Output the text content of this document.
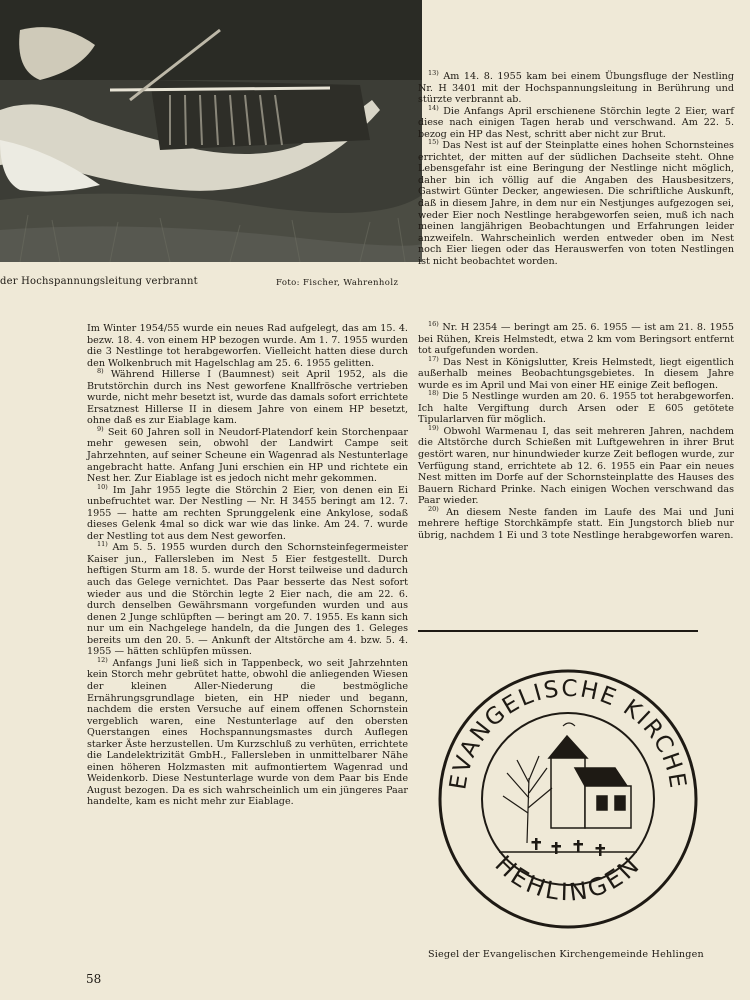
der Hochspannungsleitung verbrannt	Foto: Fischer, Wahrenholz

Im Winter 1954/55 wurde ein neues Rad aufgelegt, das am 15. 4. bezw. 18. 4. von einem HP bezogen wurde. Am 1. 7. 1955 wurden die 3 Nestlinge tot herabgeworfen. Vielleicht hatten diese durch den Wolkenbruch mit Hagelschlag am 25. 6. 1955 gelitten.

$^{8)}$ Während Hillerse I (Baumnest) seit April 1952, als die Brutstörchin durch ins Nest geworfene Knallfrösche vertrieben wurde, nicht mehr besetzt ist, wurde das damals sofort errichtete Ersatznest Hillerse II in diesem Jahre von einem HP besetzt, ohne daß es zur Eiablage kam.

$^{9)}$ Seit 60 Jahren soll in Neudorf-Platendorf kein Storchenpaar mehr gewesen sein, obwohl der Landwirt Campe seit Jahrzehnten, auf seiner Scheune ein Wagenrad als Nestunterlage angebracht hatte. Anfang Juni erschien ein HP und richtete ein Nest her. Zur Eiablage ist es jedoch nicht mehr gekommen.

$^{10)}$ Im Jahr 1955 legte die Störchin 2 Eier, von denen ein Ei unbefruchtet war. Der Nestling — Nr. H 3455 beringt am 12. 7. 1955 — hatte am rechten Sprunggelenk eine Ankylose, sodaß dieses Gelenk 4mal so dick war wie das linke. Am 24. 7. wurde der Nestling tot aus dem Nest geworfen.

$^{11)}$ Am 5. 5. 1955 wurden durch den Schornsteinfegermeister Kaiser jun., Fallersleben im Nest 5 Eier festgestellt. Durch heftigen Sturm am 18. 5. wurde der Horst teilweise und dadurch auch das Gelege vernichtet. Das Paar besserte das Nest sofort wieder aus und die Störchin legte 2 Eier nach, die am 22. 6. durch denselben Gewährsmann vorgefunden wurden und aus denen 2 Junge schlüpften — beringt am 20. 7. 1955. Es kann sich nur um ein Nachgelege handeln, da die Jungen des 1. Geleges bereits um den 20. 5. — Ankunft der Altstörche am 4. bzw. 5. 4. 1955 — hätten schlüpfen müssen.

$^{12)}$ Anfangs Juni ließ sich in Tappenbeck, wo seit Jahrzehnten kein Storch mehr gebrütet hatte, obwohl die anliegenden Wiesen der kleinen Aller-Niederung die bestmögliche Ernährungsgrundlage bieten, ein HP nieder und begann, nachdem die ersten Versuche auf einem offenen Schornstein vergeblich waren, eine Nestunterlage auf den obersten Querstangen eines Hochspannungsmastes durch Auflegen starker Äste herzustellen. Um Kurzschluß zu verhüten, errichtete die Landelektrizität GmbH., Fallersleben in unmittelbarer Nähe einen höheren Holzmasten mit aufmontiertem Wagenrad und Weidenkorb. Diese Nestunterlage wurde von dem Paar bis Ende August bezogen. Da es sich wahrscheinlich um ein jüngeres Paar handelte, kam es nicht mehr zur Eiablage.

$^{13)}$ Am 14. 8. 1955 kam bei einem Übungsfluge der Nestling Nr. H 3401 mit der Hochspannungsleitung in Berührung und stürzte verbrannt ab.

$^{14)}$ Die Anfangs April erschienene Störchin legte 2 Eier, warf diese nach einigen Tagen herab und verschwand. Am 22. 5. bezog ein HP das Nest, schritt aber nicht zur Brut.

$^{15)}$ Das Nest ist auf der Steinplatte eines hohen Schornsteines errichtet, der mitten auf der südlichen Dachseite steht. Ohne Lebensgefahr ist eine Beringung der Nestlinge nicht möglich, daher bin ich völlig auf die Angaben des Hausbesitzers, Gastwirt Günter Decker, angewiesen. Die schriftliche Auskunft, daß in diesem Jahre, in dem nur ein Nestjunges aufgezogen sei, weder Eier noch Nestlinge herabgeworfen seien, muß ich nach meinen langjährigen Beobachtungen und Erfahrungen leider anzweifeln. Wahrscheinlich werden entweder oben im Nest noch Eier liegen oder das Herauswerfen von toten Nestlingen ist nicht beobachtet worden.

$^{16)}$ Nr. H 2354 — beringt am 25. 6. 1955 — ist am 21. 8. 1955 bei Rühen, Kreis Helmstedt, etwa 2 km vom Beringsort entfernt tot aufgefunden worden.

$^{17)}$ Das Nest in Königslutter, Kreis Helmstedt, liegt eigentlich außerhalb meines Beobachtungsgebietes. In diesem Jahre wurde es im April und Mai von einer HE einige Zeit beflogen.

$^{18)}$ Die 5 Nestlinge wurden am 20. 6. 1955 tot herabgeworfen. Ich halte Vergiftung durch Arsen oder E 605 getötete Tipularlarven für möglich.

$^{19)}$ Obwohl Warmenau I, das seit mehreren Jahren, nachdem die Altstörche durch Schießen mit Luftgewehren in ihrer Brut gestört waren, nur hinundwieder kurze Zeit beflogen wurde, zur Verfügung stand, errichtete ab 12. 6. 1955 ein Paar ein neues Nest mitten im Dorfe auf der Schornsteinplatte des Hauses des Bauern Richard Prinke. Nach einigen Wochen verschwand das Paar wieder.

$^{20)}$ An diesem Neste fanden im Laufe des Mai und Juni mehrere heftige Storchkämpfe statt. Ein Jungstorch blieb nur übrig, nachdem 1 Ei und 3 tote Nestlinge herabgeworfen waren.

EVANGELISCHE KIRCHE
HEHLINGEN
Siegel der Evangelischen Kirchengemeinde Hehlingen
58
